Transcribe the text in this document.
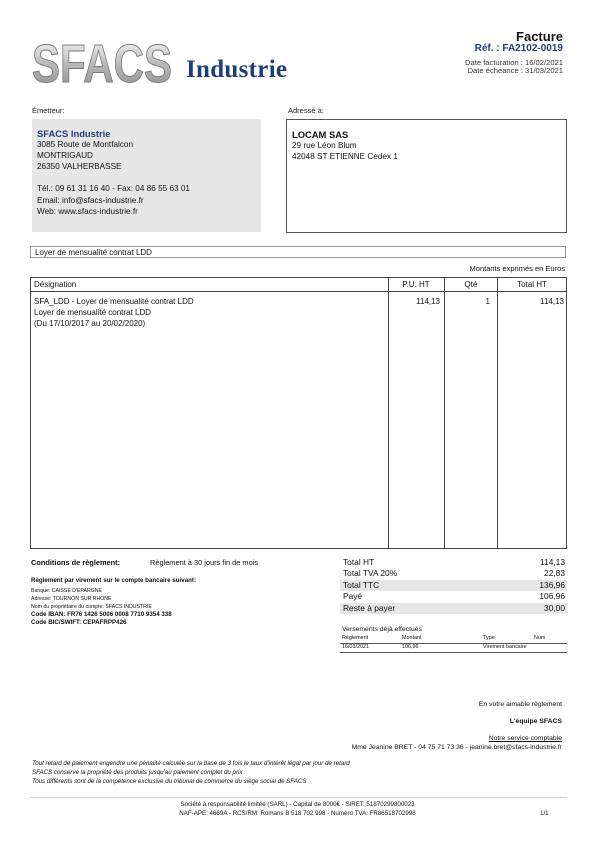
SFACS Industrie
Facture
Réf. : FA2102-0019
Date facturation : 16/02/2021
Date échéance : 31/03/2021
Émetteur:
SFACS Industrie
3085 Route de Montfalcon
MONTRIGAUD
26350 VALHERBASSE
Tél.: 09 61 31 16 40 - Fax: 04 86 55 63 01
Email: info@sfacs-industrie.fr
Web: www.sfacs-industrie.fr
Adressé à:
LOCAM SAS
29 rue Léon Blum
42048 ST ETIENNE Cedex 1
Loyer de mensualité contrat LDD
Montants exprimés en Euros
Désignation	P.U. HT	Qté	Total HT
SFA_LDD - Loyer de mensualité contrat LDD
Loyer de mensualité contrat LDD
(Du 17/10/2017 au 20/02/2020)
114,13	1	114,13
Conditions de règlement:	Règlement à 30 jours fin de mois
Règlement par virement sur le compte bancaire suivant:
Banque: CAISSE D'EPARGNE
Adresse: TOURNON SUR RHONE
Nom du propriétaire du compte: SFACS INDUSTRIE
Code IBAN: FR76 1426 5006 0008 7710 9354 338
Code BIC/SWIFT: CEPAFRPP426
Total HT	114,13
Total TVA 20%	22,83
Total TTC	136,96
Payé	106,96
Reste à payer	30,00
Versements déjà effectués
Règlement	Montant	Type	Num
16/03/2021	106,96	Virement bancaire
En votre aimable règlement
L'équipe SFACS
Notre service comptable
Mme Jeanine BRET - 04 75 71 73 36 - jeanine.bret@sfacs-industrie.fr
Tout retard de paiement engendre une pénalité calculée sur la base de 3 fois le taux d'intérêt légal par jour de retard
SFACS conserve la propriété des produits jusqu'au paiement complet du prix
Tous différents sont de la compétence exclusive du tribunal de commerce du siège social de SFACS
Société à responsabilité limitée (SARL) - Capital de 8000€ - SIRET: 51870299800023
NAF-APE: 4669A - RCS/RM: Romans B 518 702 998 - Numéro TVA: FR86518702998	1/1
